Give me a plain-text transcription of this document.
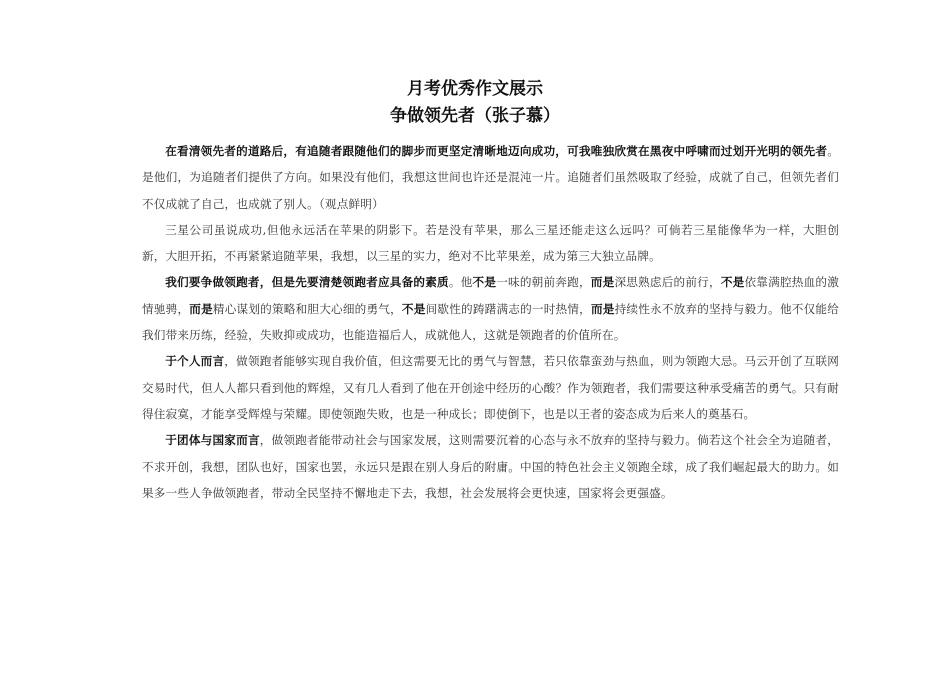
月考优秀作文展示

争做领先者（张子慕）

在看清领先者的道路后，有追随者跟随他们的脚步而更坚定清晰地迈向成功，可我唯独欣赏在黑夜中呼啸而过划开光明的领先者。是他们，为追随者们提供了方向。如果没有他们，我想这世间也许还是混沌一片。追随者们虽然吸取了经验，成就了自己，但领先者们不仅成就了自己，也成就了别人。（观点鲜明）

三星公司虽说成功,但他永远活在苹果的阴影下。若是没有苹果，那么三星还能走这么远吗？可倘若三星能像华为一样，大胆创新，大胆开拓，不再紧紧追随苹果，我想，以三星的实力，绝对不比苹果差，成为第三大独立品牌。

我们要争做领跑者，但是先要清楚领跑者应具备的素质。他不是一味的朝前奔跑，而是深思熟虑后的前行，不是依靠满腔热血的激情驰骋，而是精心谋划的策略和胆大心细的勇气，不是间歇性的踌躇满志的一时热情，而是持续性永不放弃的坚持与毅力。他不仅能给我们带来历练，经验，失败抑或成功，也能造福后人，成就他人，这就是领跑者的价值所在。

于个人而言，做领跑者能够实现自我价值，但这需要无比的勇气与智慧，若只依靠蛮劲与热血，则为领跑大忌。马云开创了互联网交易时代，但人人都只看到他的辉煌，又有几人看到了他在开创途中经历的心酸？作为领跑者，我们需要这种承受痛苦的勇气。只有耐得住寂寞，才能享受辉煌与荣耀。即使领跑失败，也是一种成长；即使倒下，也是以王者的姿态成为后来人的奠基石。

于团体与国家而言，做领跑者能带动社会与国家发展，这则需要沉着的心态与永不放弃的坚持与毅力。倘若这个社会全为追随者，不求开创，我想，团队也好，国家也罢，永远只是跟在别人身后的附庸。中国的特色社会主义领跑全球，成了我们崛起最大的助力。如果多一些人争做领跑者，带动全民坚持不懈地走下去，我想，社会发展将会更快速，国家将会更强盛。
